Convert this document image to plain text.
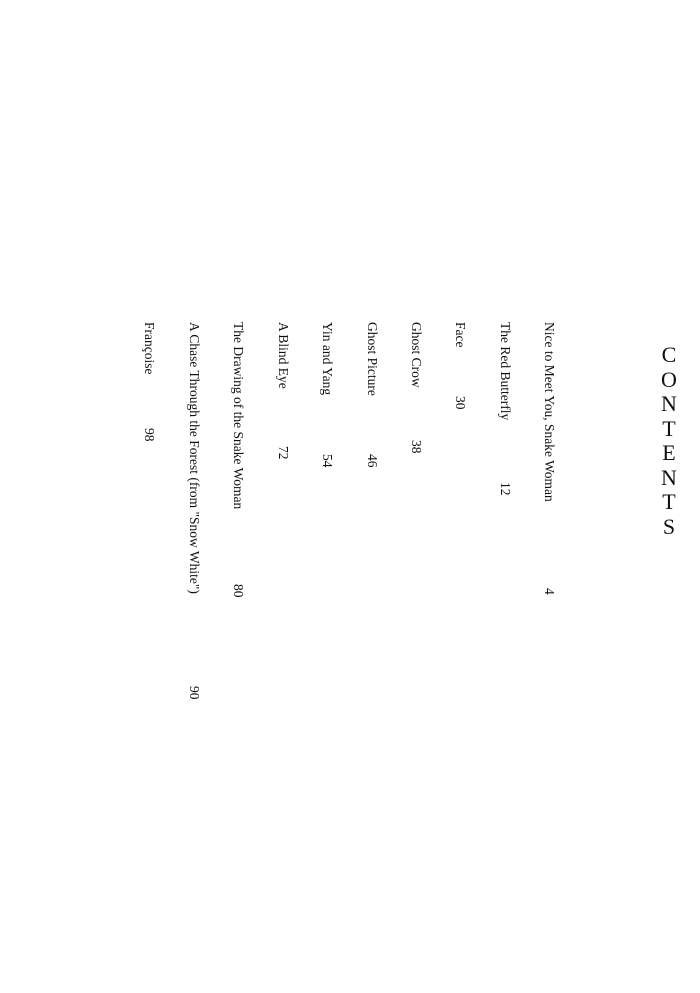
C
O
N
T
E
N
T
S
Nice to Meet You, Snake Woman
4
The Red Butterfly
12
Face
30
Ghost Crow
38
Ghost Picture
46
Yin and Yang
54
A Blind Eye
72
The Drawing of the Snake Woman
80
A Chase Through the Forest (from "Snow White")
90
Françoise
98
